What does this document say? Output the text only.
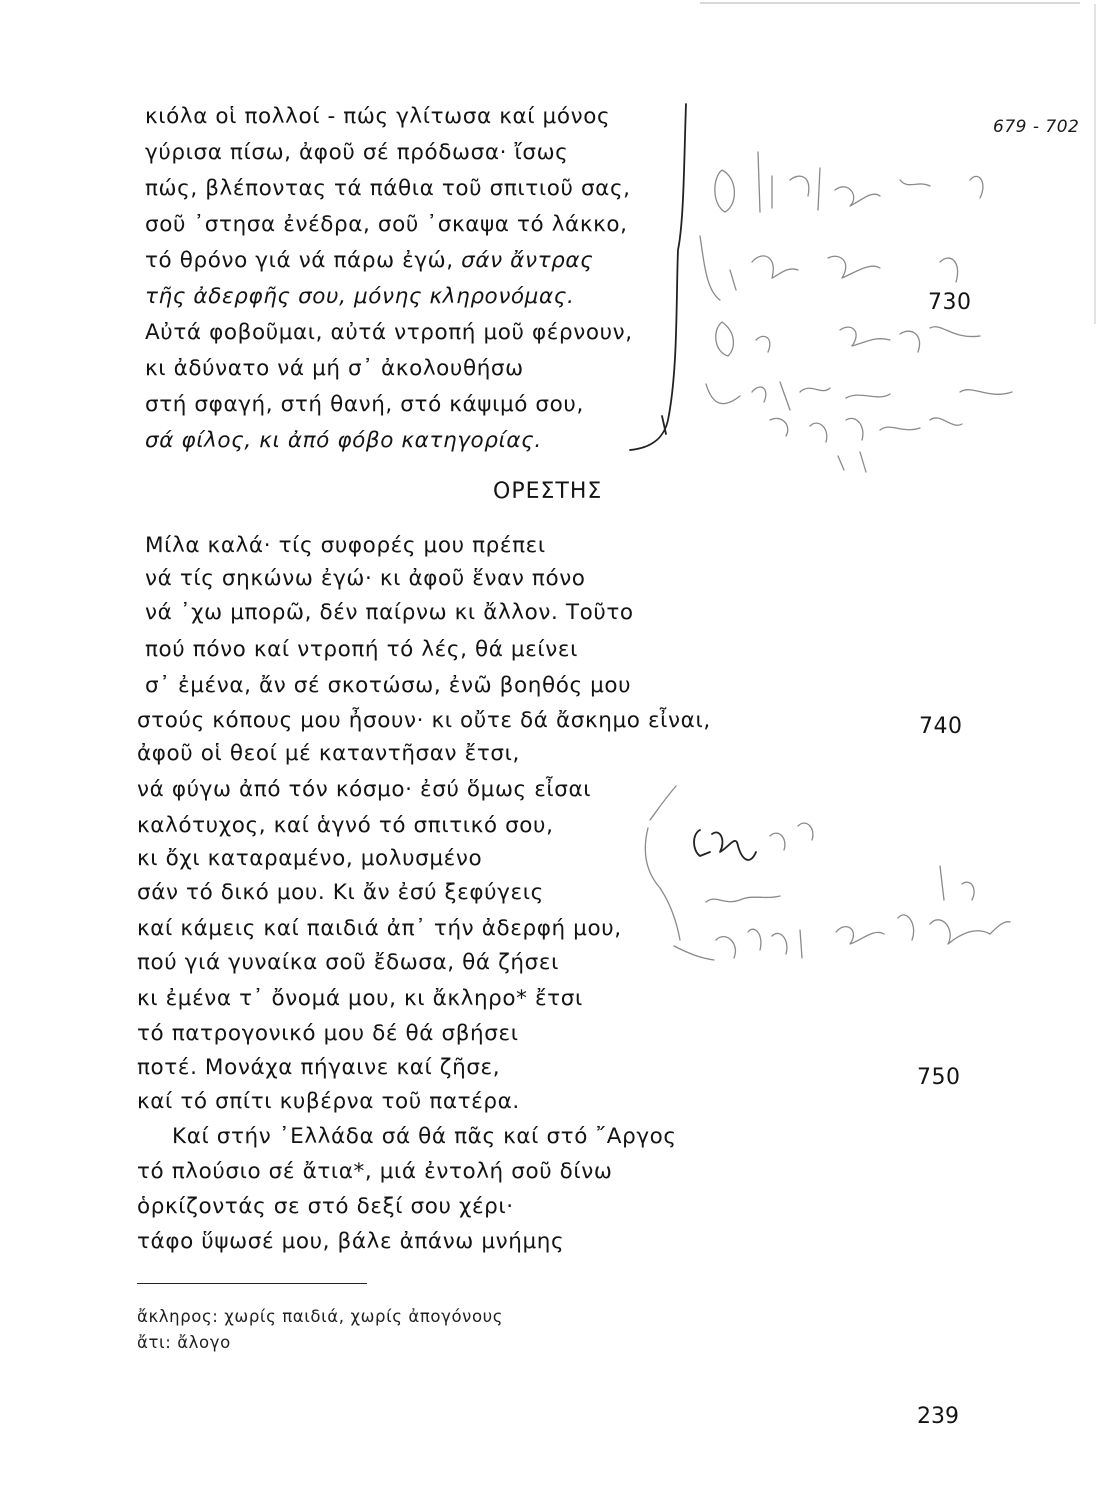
679 - 702
κιόλα οἱ πολλοί - πώς γλίτωσα καί μόνος
γύρισα πίσω, ἀφοῦ σέ πρόδωσα· ἴσως
πώς, βλέποντας τά πάθια τοῦ σπιτιοῦ σας,
σοῦ ᾿στησα ἐνέδρα, σοῦ ᾿σκαψα τό λάκκο,
τό θρόνο γιά νά πάρω ἐγώ, σάν ἄντρας
τῆς ἀδερφῆς σου, μόνης κληρονόμας.
Αὐτά φοβοῦμαι, αὐτά ντροπή μοῦ φέρνουν,
κι ἀδύνατο νά μή σ᾿ ἀκολουθήσω
στή σφαγή, στή θανή, στό κάψιμό σου,
σά φίλος, κι ἀπό φόβο κατηγορίας.
730
ΟΡΕΣΤΗΣ
Μίλα καλά· τίς συφορές μου πρέπει
νά τίς σηκώνω ἐγώ· κι ἀφοῦ ἕναν πόνο
νά ᾿χω μπορῶ, δέν παίρνω κι ἄλλον. Τοῦτο
πού πόνο καί ντροπή τό λές, θά μείνει
σ᾿ ἐμένα, ἄν σέ σκοτώσω, ἐνῶ βοηθός μου
στούς κόπους μου ἦσουν· κι οὔτε δά ἄσκημο εἶναι,
ἀφοῦ οἱ θεοί μέ καταντῆσαν ἔτσι,
νά φύγω ἀπό τόν κόσμο· ἐσύ ὅμως εἶσαι
καλότυχος, καί ἁγνό τό σπιτικό σου,
κι ὄχι καταραμένο, μολυσμένο
σάν τό δικό μου. Κι ἄν ἐσύ ξεφύγεις
καί κάμεις καί παιδιά ἀπ᾿ τήν ἀδερφή μου,
πού γιά γυναίκα σοῦ ἔδωσα, θά ζήσει
κι ἐμένα τ᾿ ὄνομά μου, κι ἄκληρο* ἔτσι
τό πατρογονικό μου δέ θά σβήσει
ποτέ. Μονάχα πήγαινε καί ζῆσε,
καί τό σπίτι κυβέρνα τοῦ πατέρα.
Καί στήν ᾿Ελλάδα σά θά πᾶς καί στό ῎Αργος
τό πλούσιο σέ ἄτια*, μιά ἐντολή σοῦ δίνω
ὁρκίζοντάς σε στό δεξί σου χέρι·
τάφο ὕψωσέ μου, βάλε ἀπάνω μνήμης
740
750
ἄκληρος: χωρίς παιδιά, χωρίς ἀπογόνους
ἄτι: ἄλογο
239
